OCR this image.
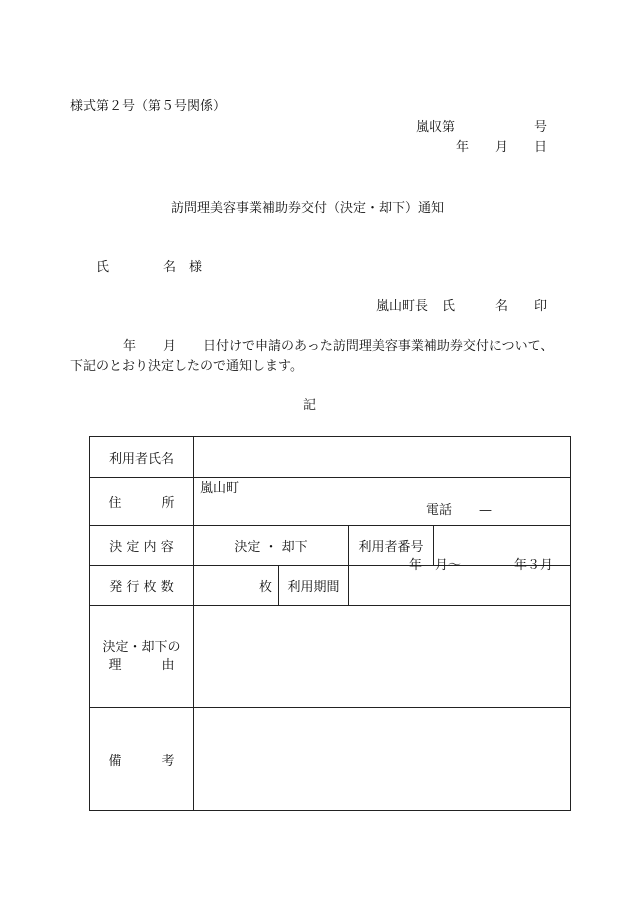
様式第２号（第５号関係）
嵐収第	号
年 月 日
訪問理美容事業補助券交付（決定・却下）通知
氏	名 様
嵐山町長 氏	名 印
年 月 日付けで申請のあった訪問理美容事業補助券交付について、
下記のとおり決定したので通知します。
記
利用者氏名				
住 所	嵐山町
電話 —			

決 定 内 容	決定 ・ 却下		利用者番号	
発 行 枚 数	枚	利用期間	年　月～ 年３月	

決定・却下の
理 由				

備 考				
